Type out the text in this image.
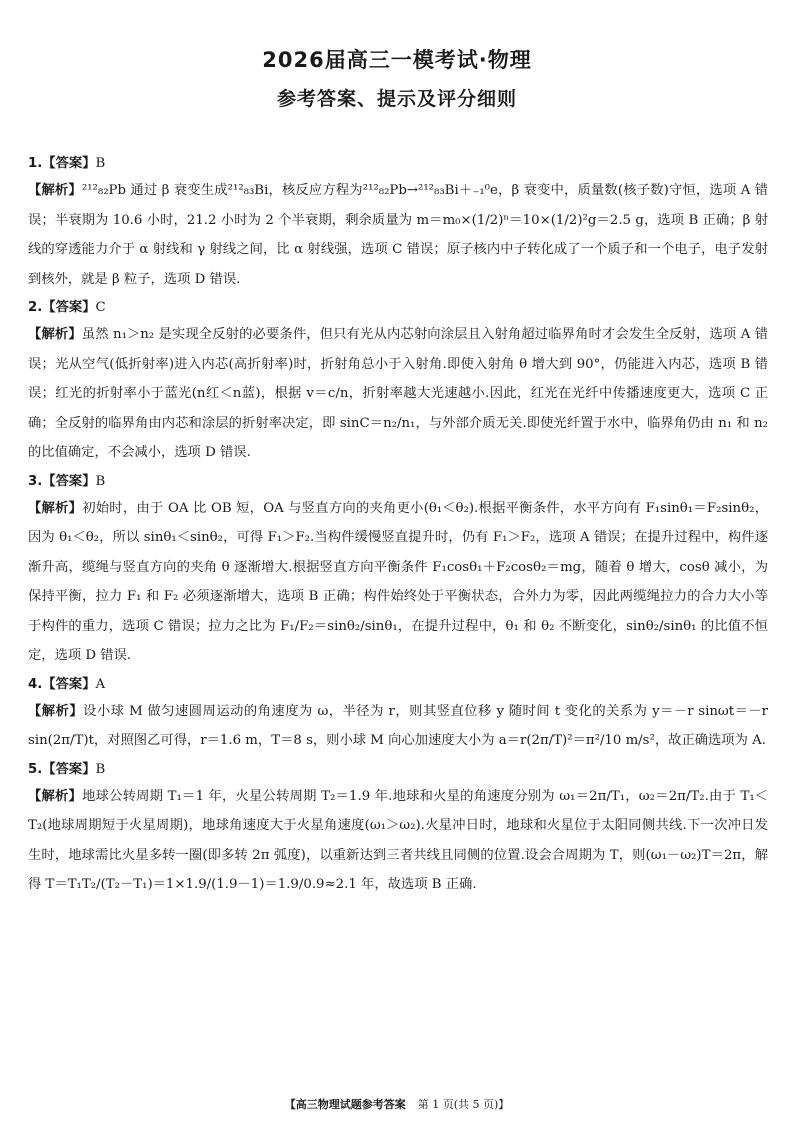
2026届高三一模考试·物理
参考答案、提示及评分细则
1.【答案】B

【解析】²¹²₈₂Pb 通过 β 衰变生成²¹²₈₃Bi，核反应方程为²¹²₈₂Pb→²¹²₈₃Bi＋₋₁⁰e，β 衰变中，质量数(核子数)守恒，选项 A 错误；半衰期为 10.6 小时，21.2 小时为 2 个半衰期，剩余质量为 m＝m₀×(1/2)ⁿ＝10×(1/2)²g＝2.5 g，选项 B 正确；β 射线的穿透能力介于 α 射线和 γ 射线之间，比 α 射线强，选项 C 错误；原子核内中子转化成了一个质子和一个电子，电子发射到核外，就是 β 粒子，选项 D 错误.

2.【答案】C

【解析】虽然 n₁＞n₂ 是实现全反射的必要条件，但只有光从内芯射向涂层且入射角超过临界角时才会发生全反射，选项 A 错误；光从空气(低折射率)进入内芯(高折射率)时，折射角总小于入射角.即使入射角 θ 增大到 90°，仍能进入内芯，选项 B 错误；红光的折射率小于蓝光(n红＜n蓝)，根据 v＝c/n，折射率越大光速越小.因此，红光在光纤中传播速度更大，选项 C 正确；全反射的临界角由内芯和涂层的折射率决定，即 sinC＝n₂/n₁，与外部介质无关.即使光纤置于水中，临界角仍由 n₁ 和 n₂ 的比值确定，不会减小，选项 D 错误.

3.【答案】B

【解析】初始时，由于 OA 比 OB 短，OA 与竖直方向的夹角更小(θ₁＜θ₂).根据平衡条件，水平方向有 F₁sinθ₁＝F₂sinθ₂，因为 θ₁＜θ₂，所以 sinθ₁＜sinθ₂，可得 F₁＞F₂.当构件缓慢竖直提升时，仍有 F₁＞F₂，选项 A 错误；在提升过程中，构件逐渐升高，缆绳与竖直方向的夹角 θ 逐渐增大.根据竖直方向平衡条件 F₁cosθ₁＋F₂cosθ₂＝mg，随着 θ 增大，cosθ 减小，为保持平衡，拉力 F₁ 和 F₂ 必须逐渐增大，选项 B 正确；构件始终处于平衡状态，合外力为零，因此两缆绳拉力的合力大小等于构件的重力，选项 C 错误；拉力之比为 F₁/F₂＝sinθ₂/sinθ₁，在提升过程中，θ₁ 和 θ₂ 不断变化，sinθ₂/sinθ₁ 的比值不恒定，选项 D 错误.

4.【答案】A

【解析】设小球 M 做匀速圆周运动的角速度为 ω，半径为 r，则其竖直位移 y 随时间 t 变化的关系为 y＝－r sinωt＝－r sin(2π/T)t，对照图乙可得，r＝1.6 m，T＝8 s，则小球 M 向心加速度大小为 a＝r(2π/T)²＝π²/10 m/s²，故正确选项为 A.

5.【答案】B

【解析】地球公转周期 T₁＝1 年，火星公转周期 T₂＝1.9 年.地球和火星的角速度分别为 ω₁＝2π/T₁，ω₂＝2π/T₂.由于 T₁＜T₂(地球周期短于火星周期)，地球角速度大于火星角速度(ω₁＞ω₂).火星冲日时，地球和火星位于太阳同侧共线.下一次冲日发生时，地球需比火星多转一圈(即多转 2π 弧度)，以重新达到三者共线且同侧的位置.设会合周期为 T，则(ω₁－ω₂)T＝2π，解得 T＝T₁T₂/(T₂－T₁)＝1×1.9/(1.9－1)＝1.9/0.9≈2.1 年，故选项 B 正确.

【高三物理试题参考答案 第 1 页(共 5 页)】
